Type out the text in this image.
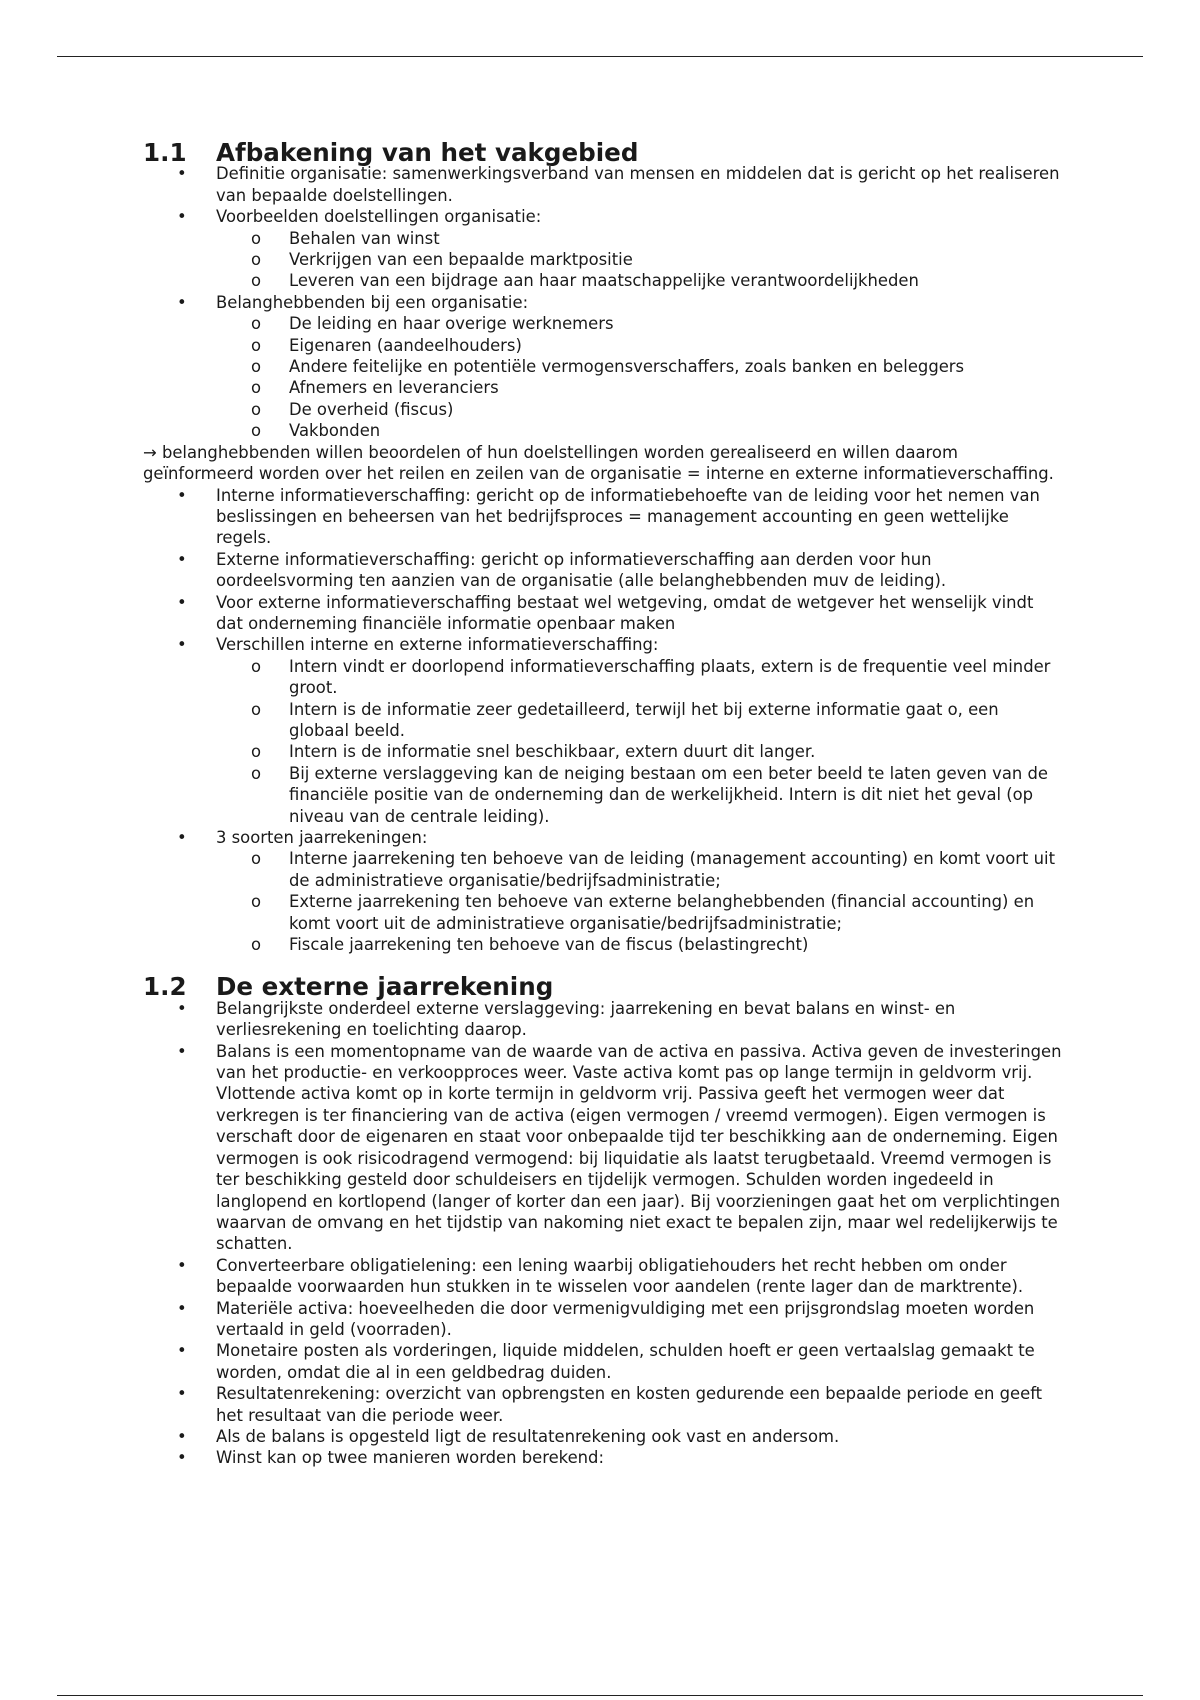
1.1	Afbakening van het vakgebied
• Definitie organisatie: samenwerkingsverband van mensen en middelen dat is gericht op het realiseren van bepaalde doelstellingen.
• Voorbeelden doelstellingen organisatie:
o Behalen van winst
o Verkrijgen van een bepaalde marktpositie
o Leveren van een bijdrage aan haar maatschappelijke verantwoordelijkheden
• Belanghebbenden bij een organisatie:
o De leiding en haar overige werknemers
o Eigenaren (aandeelhouders)
o Andere feitelijke en potentiële vermogensverschaffers, zoals banken en beleggers
o Afnemers en leveranciers
o De overheid (fiscus)
o Vakbonden

→ belanghebbenden willen beoordelen of hun doelstellingen worden gerealiseerd en willen daarom geïnformeerd worden over het reilen en zeilen van de organisatie = interne en externe informatieverschaffing.

• Interne informatieverschaffing: gericht op de informatiebehoefte van de leiding voor het nemen van beslissingen en beheersen van het bedrijfsproces = management accounting en geen wettelijke regels.
• Externe informatieverschaffing: gericht op informatieverschaffing aan derden voor hun oordeelsvorming ten aanzien van de organisatie (alle belanghebbenden muv de leiding).
• Voor externe informatieverschaffing bestaat wel wetgeving, omdat de wetgever het wenselijk vindt dat onderneming financiële informatie openbaar maken
• Verschillen interne en externe informatieverschaffing:
o Intern vindt er doorlopend informatieverschaffing plaats, extern is de frequentie veel minder groot.
o Intern is de informatie zeer gedetailleerd, terwijl het bij externe informatie gaat o, een globaal beeld.
o Intern is de informatie snel beschikbaar, extern duurt dit langer.
o Bij externe verslaggeving kan de neiging bestaan om een beter beeld te laten geven van de financiële positie van de onderneming dan de werkelijkheid. Intern is dit niet het geval (op niveau van de centrale leiding).
• 3 soorten jaarrekeningen:
o Interne jaarrekening ten behoeve van de leiding (management accounting) en komt voort uit de administratieve organisatie/bedrijfsadministratie;
o Externe jaarrekening ten behoeve van externe belanghebbenden (financial accounting) en komt voort uit de administratieve organisatie/bedrijfsadministratie;
o Fiscale jaarrekening ten behoeve van de fiscus (belastingrecht)
1.2	De externe jaarrekening
• Belangrijkste onderdeel externe verslaggeving: jaarrekening en bevat balans en winst- en verliesrekening en toelichting daarop.
• Balans is een momentopname van de waarde van de activa en passiva. Activa geven de investeringen van het productie- en verkoopproces weer. Vaste activa komt pas op lange termijn in geldvorm vrij. Vlottende activa komt op in korte termijn in geldvorm vrij. Passiva geeft het vermogen weer dat verkregen is ter financiering van de activa (eigen vermogen / vreemd vermogen). Eigen vermogen is verschaft door de eigenaren en staat voor onbepaalde tijd ter beschikking aan de onderneming. Eigen vermogen is ook risicodragend vermogend: bij liquidatie als laatst terugbetaald. Vreemd vermogen is ter beschikking gesteld door schuldeisers en tijdelijk vermogen. Schulden worden ingedeeld in langlopend en kortlopend (langer of korter dan een jaar). Bij voorzieningen gaat het om verplichtingen waarvan de omvang en het tijdstip van nakoming niet exact te bepalen zijn, maar wel redelijkerwijs te schatten.
• Converteerbare obligatielening: een lening waarbij obligatiehouders het recht hebben om onder bepaalde voorwaarden hun stukken in te wisselen voor aandelen (rente lager dan de marktrente).
• Materiële activa: hoeveelheden die door vermenigvuldiging met een prijsgrondslag moeten worden vertaald in geld (voorraden).
• Monetaire posten als vorderingen, liquide middelen, schulden hoeft er geen vertaalslag gemaakt te worden, omdat die al in een geldbedrag duiden.
• Resultatenrekening: overzicht van opbrengsten en kosten gedurende een bepaalde periode en geeft het resultaat van die periode weer.
• Als de balans is opgesteld ligt de resultatenrekening ook vast en andersom.
• Winst kan op twee manieren worden berekend:
